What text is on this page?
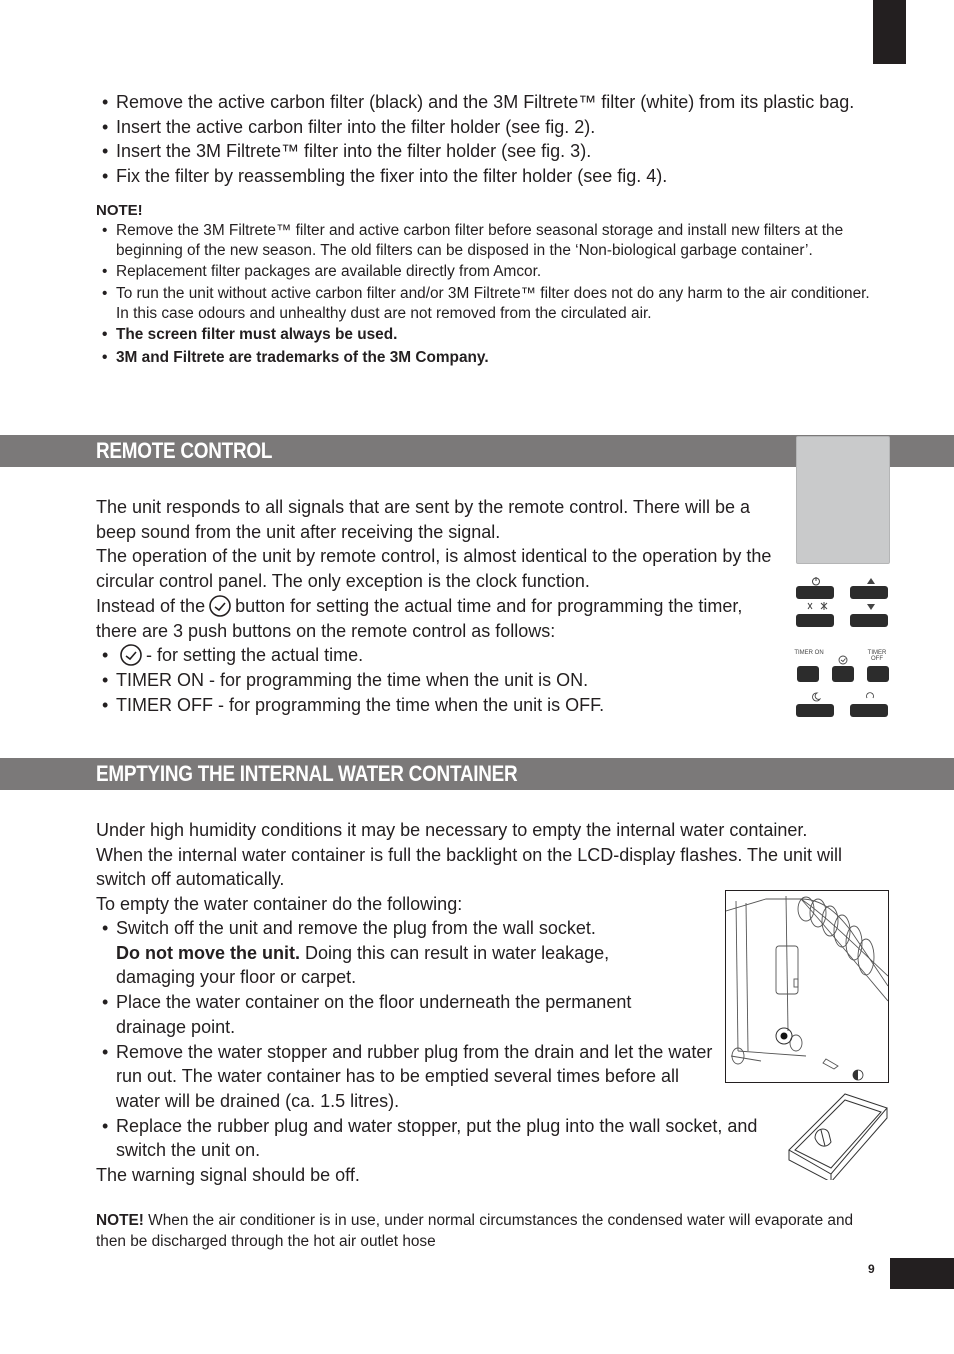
• Remove the active carbon filter (black) and the 3M Filtrete™ filter (white) from its plastic bag.
• Insert the active carbon filter into the filter holder (see fig. 2).
• Insert the 3M Filtrete™ filter into the filter holder (see fig. 3).
• Fix the filter by reassembling the fixer into the filter holder (see fig. 4).
NOTE!
• Remove the 3M Filtrete™ filter and active carbon filter before seasonal storage and install new filters at the beginning of the new season. The old filters can be disposed in the ‘Non-biological garbage container’.
• Replacement filter packages are available directly from Amcor.
• To run the unit without active carbon filter and/or 3M Filtrete™ filter does not do any harm to the air conditioner. In this case odours and unhealthy dust are not removed from the circulated air.
• The screen filter must always be used.
• 3M and Filtrete are trademarks of the 3M Company.
REMOTE CONTROL

The unit responds to all signals that are sent by the remote control. There will be a beep sound from the unit after receiving the signal.

The operation of the unit by remote control, is almost identical to the operation by the circular control panel. The only exception is the clock function.

Instead of the button for setting the actual time and for programming the timer, there are 3 push buttons on the remote control as follows:

• - for setting the actual time.
• TIMER ON - for programming the time when the unit is ON.
• TIMER OFF - for programming the time when the unit is OFF.
TIMER ON	TIMER OFF
EMPTYING THE INTERNAL WATER CONTAINER

Under high humidity conditions it may be necessary to empty the internal water container.

When the internal water container is full the backlight on the LCD-display flashes. The unit will switch off automatically.

To empty the water container do the following:

• Switch off the unit and remove the plug from the wall socket.
Do not move the unit. Doing this can result in water leakage, damaging your floor or carpet.
• Place the water container on the floor underneath the permanent drainage point.
• Remove the water stopper and rubber plug from the drain and let the water run out. The water container has to be emptied several times before all water will be drained (ca. 1.5 litres).
• Replace the rubber plug and water stopper, put the plug into the wall socket, and switch the unit on.

The warning signal should be off.

NOTE! When the air conditioner is in use, under normal circumstances the condensed water will evaporate and then be discharged through the hot air outlet hose
9
